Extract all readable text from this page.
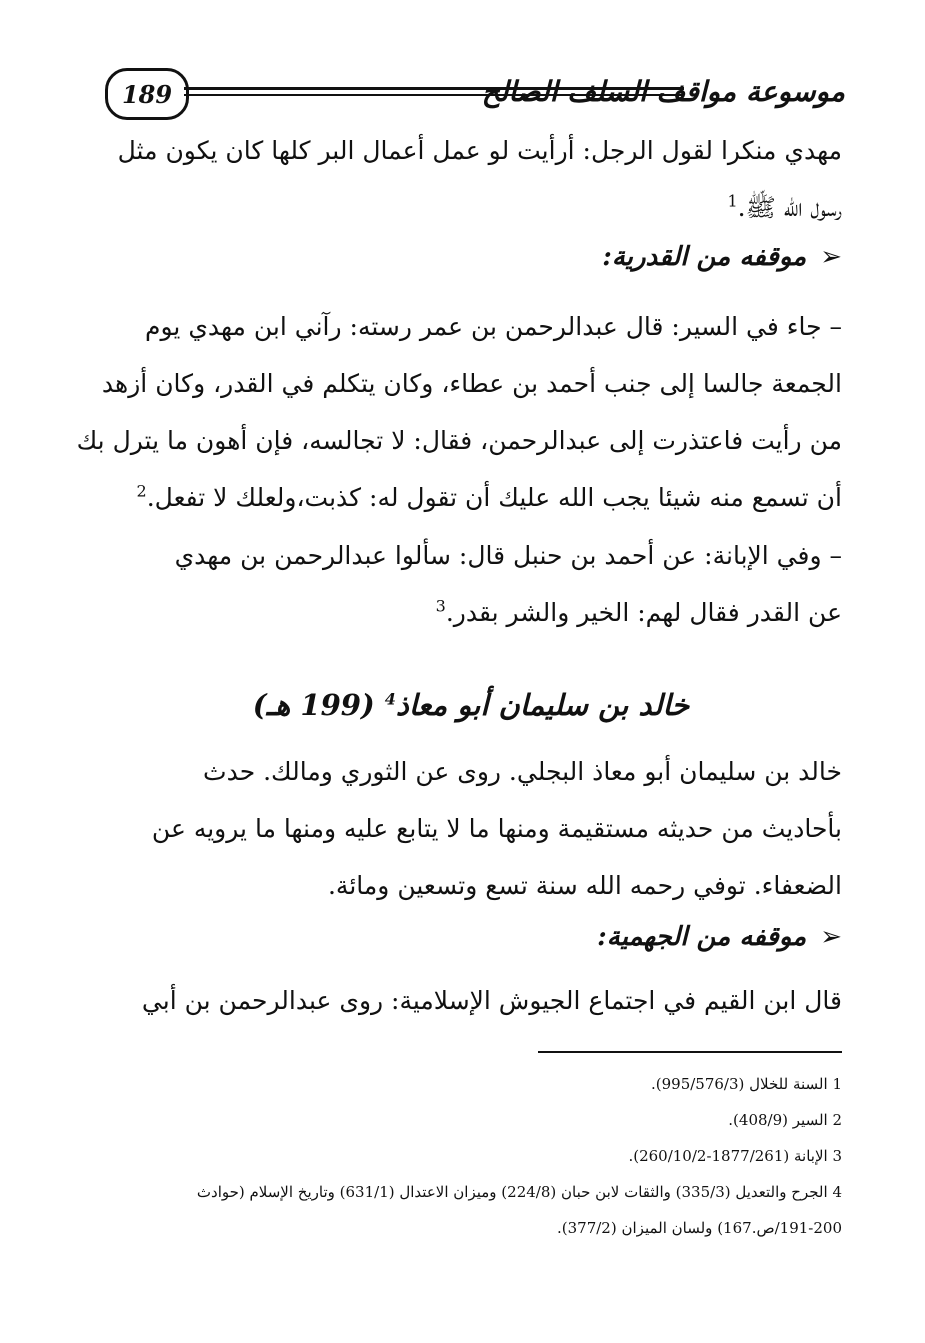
189	موسوعة مواقف السلف الصالح
مهدي منكرا لقول الرجل: أرأيت لو عمل أعمال البر كلها كان يكون مثل
رسول الله ﷺ.$^1$
➢موقفه من القدرية:
– جاء في السير: قال عبدالرحمن بن عمر رسته: رآني ابن مهدي يوم
الجمعة جالسا إلى جنب أحمد بن عطاء، وكان يتكلم في القدر، وكان أزهد
من رأيت فاعتذرت إلى عبدالرحمن، فقال: لا تجالسه، فإن أهون ما يترل بك
أن تسمع منه شيئا يجب الله عليك أن تقول له: كذبت،ولعلك لا تفعل.$^2$
– وفي الإبانة: عن أحمد بن حنبل قال: سألوا عبدالرحمن بن مهدي
عن القدر فقال لهم: الخير والشر بقدر.$^3$
خالد بن سليمان أبو معاذ$^4$ (199 هـ)
خالد بن سليمان أبو معاذ البجلي. روى عن الثوري ومالك. حدث
بأحاديث من حديثه مستقيمة ومنها ما لا يتابع عليه ومنها ما يرويه عن
الضعفاء. توفي رحمه الله سنة تسع وتسعين ومائة.
➢موقفه من الجهمية:
قال ابن القيم في اجتماع الجيوش الإسلامية: روى عبدالرحمن بن أبي
1 السنة للخلال (995/576/3).
2 السير (408/9).
3 الإبانة (1877/261-260/10/2).
4 الجرح والتعديل (335/3) والثقات لابن حبان (224/8) وميزان الاعتدال (631/1) وتاريخ الإسلام (حوادث
191-200/ص.167) ولسان الميزان (377/2).
